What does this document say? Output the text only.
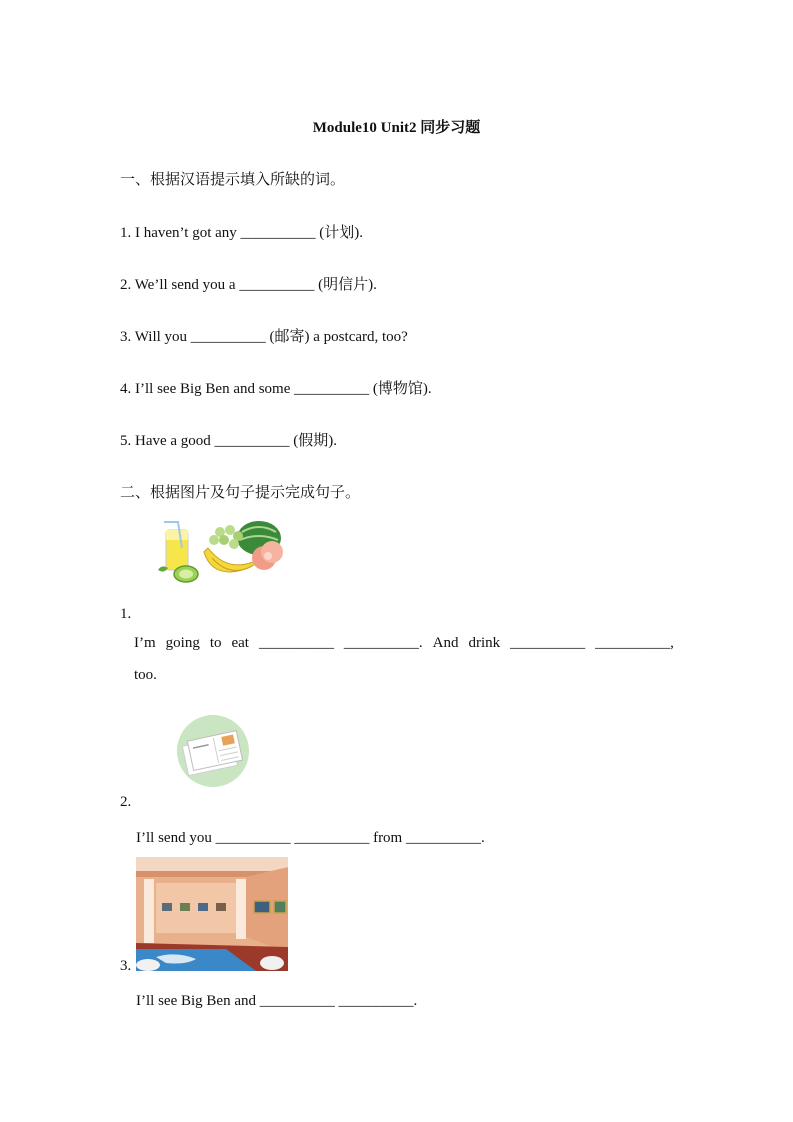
Module10 Unit2 同步习题
一、根据汉语提示填入所缺的词。
1. I haven’t got any __________ (计划).
2. We’ll send you a __________ (明信片).
3. Will you __________ (邮寄) a postcard, too?
4. I’ll see Big Ben and some __________ (博物馆).
5. Have a good __________ (假期).
二、根据图片及句子提示完成句子。
1.
I’m going to eat __________ __________. And drink __________ __________,
too.
2.
I’ll send you __________ __________ from __________.
3.
I’ll see Big Ben and __________ __________.
